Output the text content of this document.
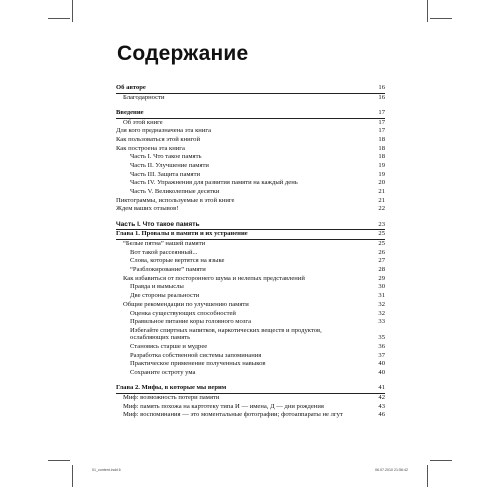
Содержание
Об авторе	16
Благодарности	16
Введение	17
Об этой книге	17
Для кого предназначена эта книга	17
Как пользоваться этой книгой	18
Как построена эта книга	18
Часть I. Что такое память	18
Часть II. Улучшение памяти	19
Часть III. Защита памяти	19
Часть IV. Упражнения для развития памяти на каждый день	20
Часть V. Великолепные десятки	21
Пиктограммы, используемые в этой книге	21
Ждем ваших отзывов!	22
Часть I. Что такое память	23
Глава 1. Провалы в памяти и их устранение	25
“Белые пятна” нашей памяти	25
Вот такой рассеянный...	26
Слова, которые вертятся на языке	27
“Разблокирование” памяти	28
Как избавиться от постороннего шума и нелепых представлений	29
Правда и вымыслы	30
Две стороны реальности	31
Общие рекомендации по улучшению памяти	32
Оценка существующих способностей	32
Правильное питание коры головного мозга	33
Избегайте спиртных напитков, наркотических веществ и продуктов,
ослабляющих память	35
Становясь старше и мудрее	36
Разработка собственной системы запоминания	37
Практическое применение полученных навыков	40
Сохраните остроту ума	40
Глава 2. Мифы, в которые мы верим	41
Миф: возможность потери памяти	42
Миф: память похожа на картотеку типа И — имена, Д — дни рождения	43
Миф: воспоминания — это моментальные фотографии; фотоаппараты не лгут	46
01_content.indd 6	06.07.2010 21:56:42
